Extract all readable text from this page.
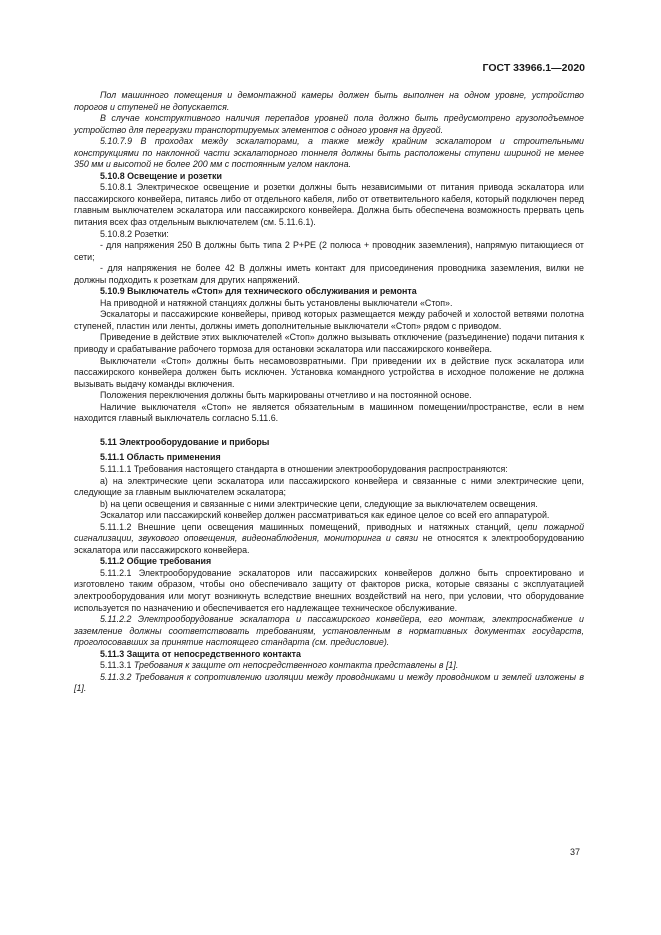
ГОСТ 33966.1—2020

Пол машинного помещения и демонтажной камеры должен быть выполнен на одном уровне, устройство порогов и ступеней не допускается.

В случае конструктивного наличия перепадов уровней пола должно быть предусмотрено грузоподъемное устройство для перегрузки транспортируемых элементов с одного уровня на другой.

5.10.7.9 В проходах между эскалаторами, а также между крайним эскалатором и строительными конструкциями по наклонной части эскалаторного тоннеля должны быть расположены ступени шириной не менее 350 мм и высотой не более 200 мм с постоянным углом наклона.

5.10.8 Освещение и розетки

5.10.8.1 Электрическое освещение и розетки должны быть независимыми от питания привода эскалатора или пассажирского конвейера, питаясь либо от отдельного кабеля, либо от ответвительного кабеля, который подключен перед главным выключателем эскалатора или пассажирского конвейера. Должна быть обеспечена возможность прервать цепь питания всех фаз отдельным выключателем (см. 5.11.6.1).

5.10.8.2 Розетки:

- для напряжения 250 В должны быть типа 2 P+PE (2 полюса + проводник заземления), напрямую питающиеся от сети;

- для напряжения не более 42 В должны иметь контакт для присоединения проводника заземления, вилки не должны подходить к розеткам для других напряжений.

5.10.9 Выключатель «Стоп» для технического обслуживания и ремонта

На приводной и натяжной станциях должны быть установлены выключатели «Стоп».

Эскалаторы и пассажирские конвейеры, привод которых размещается между рабочей и холостой ветвями полотна ступеней, пластин или ленты, должны иметь дополнительные выключатели «Стоп» рядом с приводом.

Приведение в действие этих выключателей «Стоп» должно вызывать отключение (разъединение) подачи питания к приводу и срабатывание рабочего тормоза для остановки эскалатора или пассажирского конвейера.

Выключатели «Стоп» должны быть несамовозвратными. При приведении их в действие пуск эскалатора или пассажирского конвейера должен быть исключен. Установка командного устройства в исходное положение не должна вызывать выдачу команды включения.

Положения переключения должны быть маркированы отчетливо и на постоянной основе.

Наличие выключателя «Стоп» не является обязательным в машинном помещении/пространстве, если в нем находится главный выключатель согласно 5.11.6.

5.11 Электрооборудование и приборы

5.11.1 Область применения

5.11.1.1 Требования настоящего стандарта в отношении электрооборудования распространяются:

a) на электрические цепи эскалатора или пассажирского конвейера и связанные с ними электрические цепи, следующие за главным выключателем эскалатора;

b) на цепи освещения и связанные с ними электрические цепи, следующие за выключателем освещения.

Эскалатор или пассажирский конвейер должен рассматриваться как единое целое со всей его аппаратурой.

5.11.1.2 Внешние цепи освещения машинных помещений, приводных и натяжных станций, цепи пожарной сигнализации, звукового оповещения, видеонаблюдения, мониторинга и связи не относятся к электрооборудованию эскалатора или пассажирского конвейера.

5.11.2 Общие требования

5.11.2.1 Электрооборудование эскалаторов или пассажирских конвейеров должно быть спроектировано и изготовлено таким образом, чтобы оно обеспечивало защиту от факторов риска, которые связаны с эксплуатацией электрооборудования или могут возникнуть вследствие внешних воздействий на него, при условии, что оборудование используется по назначению и обеспечивается его надлежащее техническое обслуживание.

5.11.2.2 Электрооборудование эскалатора и пассажирского конвейера, его монтаж, электроснабжение и заземление должны соответствовать требованиям, установленным в нормативных документах государств, проголосовавших за принятие настоящего стандарта (см. предисловие).

5.11.3 Защита от непосредственного контакта

5.11.3.1 Требования к защите от непосредственного контакта представлены в [1].

5.11.3.2 Требования к сопротивлению изоляции между проводниками и между проводником и землей изложены в [1].

37
